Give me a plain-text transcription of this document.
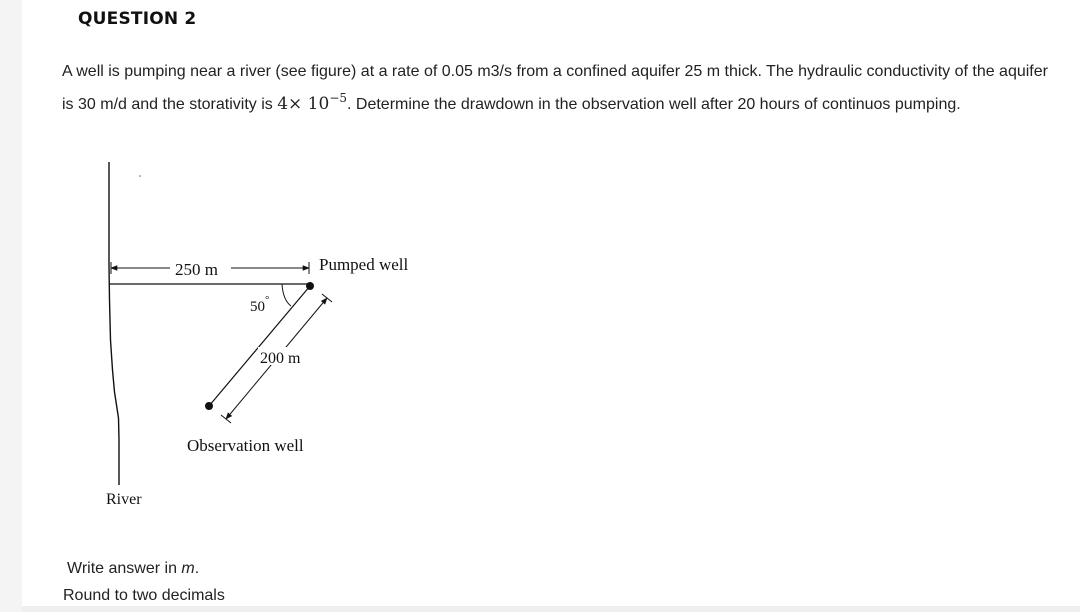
QUESTION 2
A well is pumping near a river (see figure) at a rate of 0.05 m3/s from a confined aquifer 25 m thick. The hydraulic conductivity of the aquifer is 30 m/d and the storativity is $4\times 10^{-5}$. Determine the drawdown in the observation well after 20 hours of continuos pumping.
250 m	Pumped well
50°
200 m
Observation well
River
Write answer in m.
Round to two decimals
